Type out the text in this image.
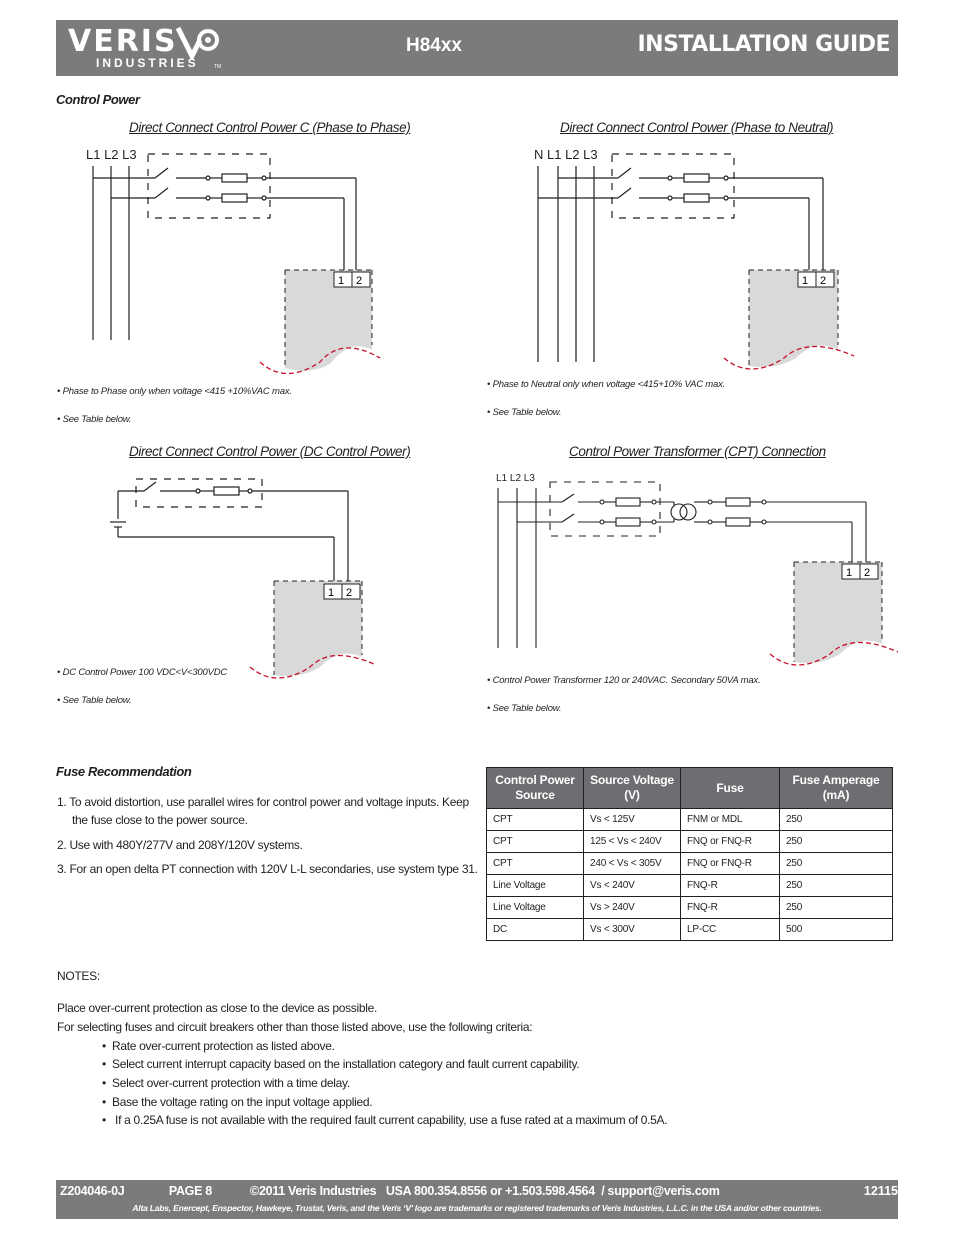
VERIS
INDUSTRIES	TM
H84xx	INSTALLATION GUIDE
Control Power
Direct Connect Control Power C (Phase to Phase)	Direct Connect Control Power (Phase to Neutral)
Direct Connect Control Power (DC Control Power)	Control Power Transformer (CPT) Connection
L1 L2 L3
1 2
• Phase to Phase only when voltage <415 +10%VAC max.
• See Table below.
N L1 L2 L3
1 2
• Phase to Neutral only when voltage <415+10% VAC max.
• See Table below.
1 2
• DC Control Power 100 VDC<V<300VDC
• See Table below.
L1 L2 L3
1 2
• Control Power Transformer 120 or 240VAC. Secondary 50VA max.
• See Table below.
Fuse Recommendation
1. To avoid distortion, use parallel wires for control power and voltage inputs. Keep
the fuse close to the power source.
2. Use with 480Y/277V and 208Y/120V systems.
3. For an open delta PT connection with 120V L-L secondaries, use system type 31.
Control Power Source	Source Voltage (V)	Fuse	Fuse Amperage (mA)
CPT	Vs < 125V	FNM or MDL	250
CPT	125 < Vs < 240V	FNQ or FNQ-R	250
CPT	240 < Vs < 305V	FNQ or FNQ-R	250
Line Voltage	Vs < 240V	FNQ-R	250
Line Voltage	Vs > 240V	FNQ-R	250
DC	Vs < 300V	LP-CC	500
NOTES:
Place over-current protection as close to the device as possible.
For selecting fuses and circuit breakers other than those listed above, use the following criteria:
• Rate over-current protection as listed above.
• Select current interrupt capacity based on the installation category and fault current capability.
• Select over-current protection with a time delay.
• Base the voltage rating on the input voltage applied.
• If a 0.25A fuse is not available with the required fault current capability, use a fuse rated at a maximum of 0.5A.
Z204046-0J              PAGE 8            ©2011 Veris Industries   USA 800.354.8556 or +1.503.598.4564  / support@veris.com	12115
Alta Labs, Enercept, Enspector, Hawkeye, Trustat, Veris, and the Veris ‘V’ logo are trademarks or registered trademarks of Veris Industries, L.L.C. in the USA and/or other countries.
